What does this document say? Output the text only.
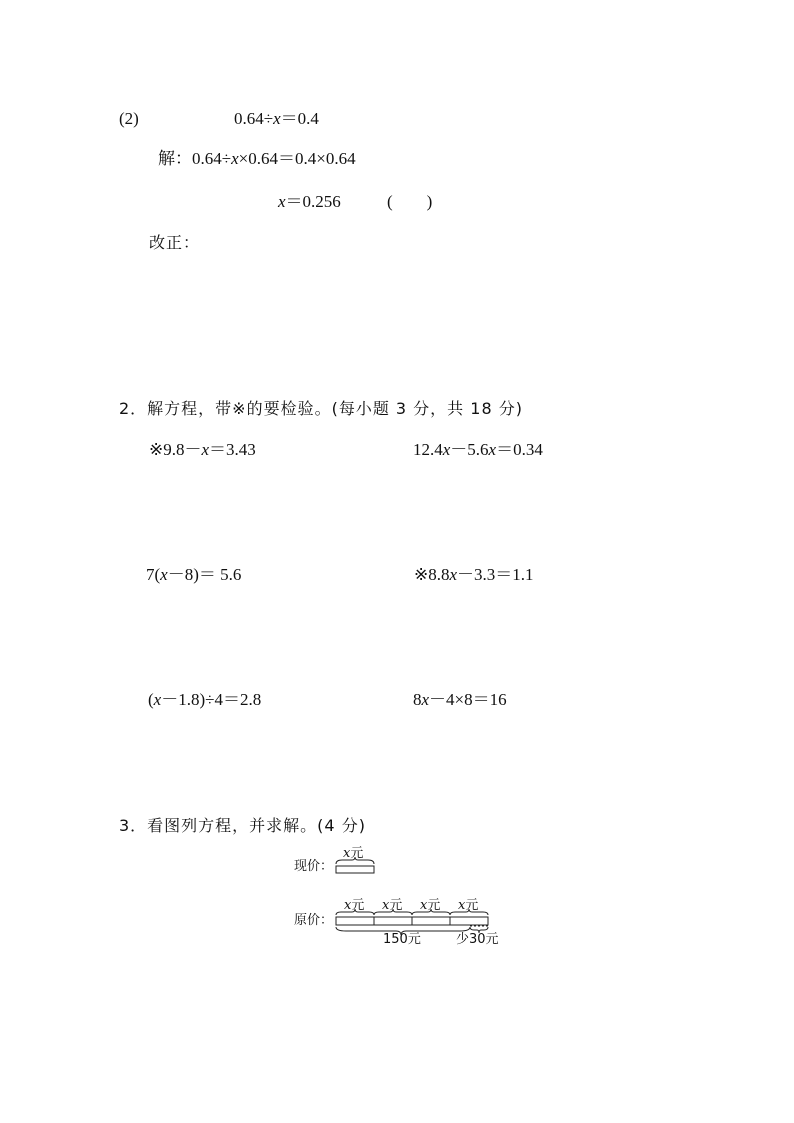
(2)	0.64÷x＝0.4
解：0.64÷x×0.64＝0.4×0.64
x＝0.256	(　　 )
改正：
2．解方程，带※的要检验。(每小题 3 分，共 18 分)
※9.8－x＝3.43	12.4x－5.6x＝0.34
7(x－8)＝ 5.6	※8.8x－3.3＝1.1
(x－1.8)÷4＝2.8	8x－4×8＝16
3．看图列方程，并求解。(4 分)
现价：
原价：
x元
x元 x元 x元 x元
150元	少30元
